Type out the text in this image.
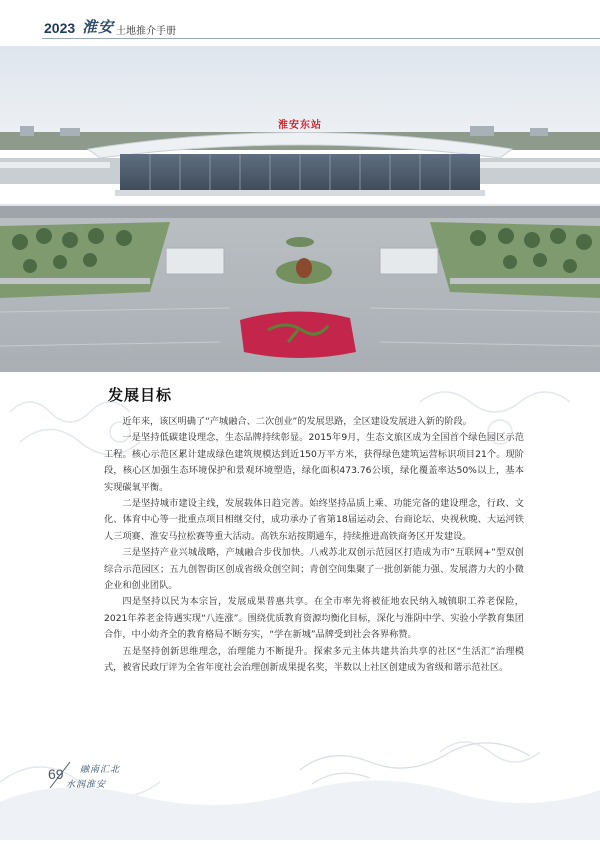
2023 淮安 土地推介手册
淮安东站
发展目标

近年来，该区明确了“产城融合、二次创业”的发展思路，全区建设发展进入新的阶段。

一是坚持低碳建设理念，生态品牌持续彰显。2015年9月，生态文旅区成为全国首个绿色园区示范工程。核心示范区累计建成绿色建筑规模达到近150万平方米，获得绿色建筑运营标识项目21个。现阶段，核心区加强生态环境保护和景观环境塑造，绿化面积473.76公顷，绿化覆盖率达50%以上，基本实现碳氧平衡。

二是坚持城市建设主线，发展载体日趋完善。始终坚持品质上乘、功能完备的建设理念，行政、文化、体育中心等一批重点项目相继交付，成功承办了省第18届运动会、台商论坛、央视秋晚、大运河铁人三项赛、淮安马拉松赛等重大活动。高铁东站按期通车，持续推进高铁商务区开发建设。

三是坚持产业兴城战略，产城融合步伐加快。八戒苏北双创示范园区打造成为市“互联网+”型双创综合示范园区；五九创智街区创成省级众创空间；青创空间集聚了一批创新能力强、发展潜力大的小微企业和创业团队。

四是坚持以民为本宗旨，发展成果普惠共享。在全市率先将被征地农民纳入城镇职工养老保险，2021年养老金待遇实现“八连涨”。围绕优质教育资源均衡化目标，深化与淮阴中学、实验小学教育集团合作，中小幼齐全的教育格局不断夯实，“学在新城”品牌受到社会各界称赞。

五是坚持创新思维理念，治理能力不断提升。探索多元主体共建共治共享的社区“生活汇”治理模式，被省民政厅评为全省年度社会治理创新成果提名奖，半数以上社区创建成为省级和谐示范社区。

69 融南汇北
水润淮安
